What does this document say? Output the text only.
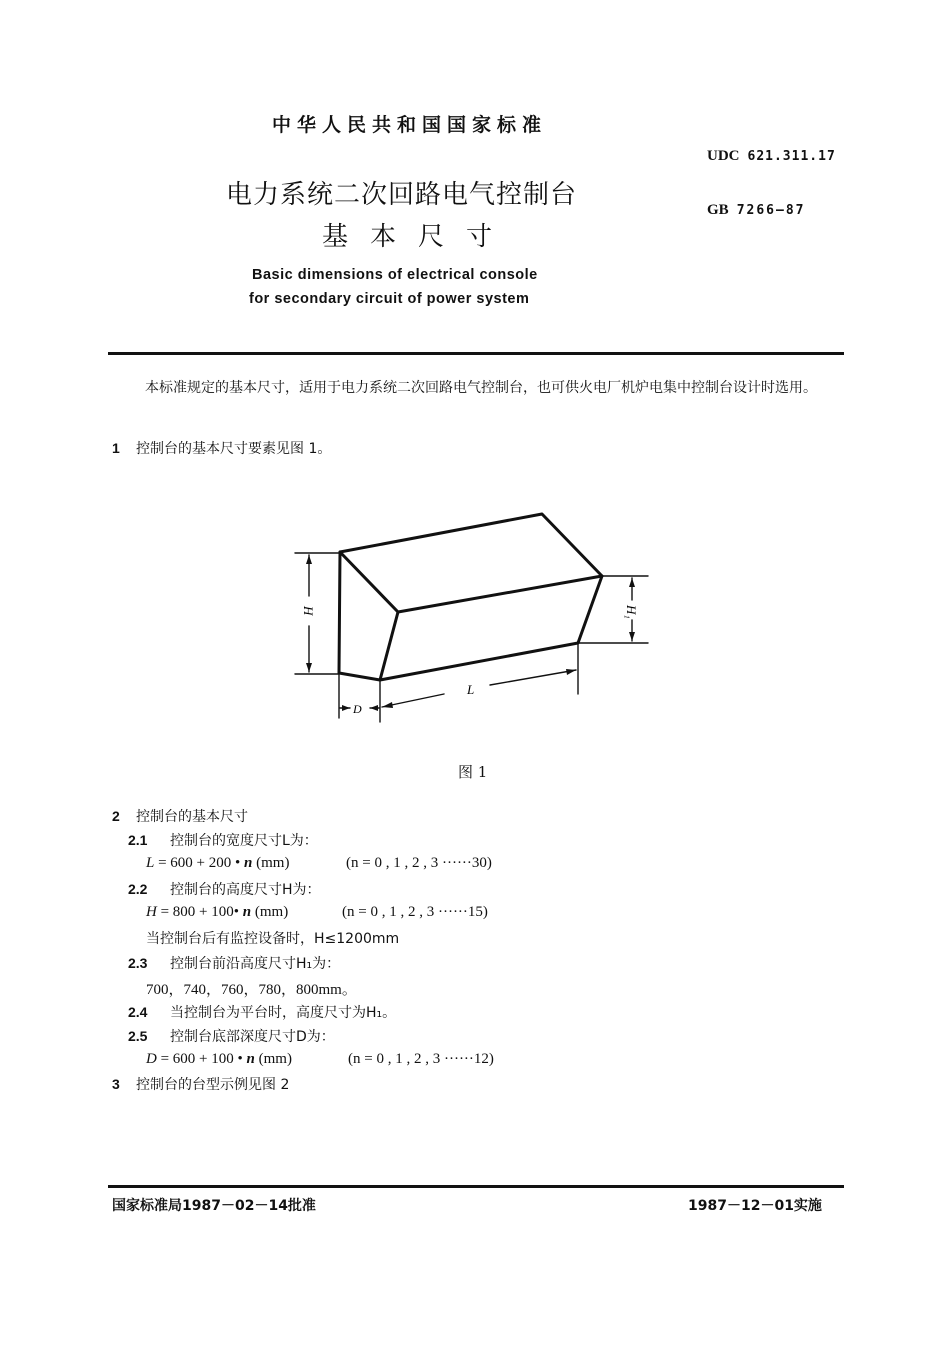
中华人民共和国国家标准
电力系统二次回路电气控制台
基本尺寸
Basic dimensions of electrical console
for secondary circuit of power system
UDC 621.311.17
GB 7266—87
本标准规定的基本尺寸，适用于电力系统二次回路电气控制台，也可供火电厂机炉电集中控制台设计时选用。
1 控制台的基本尺寸要素见图 1。
H	H₁
L
D
图 1
2 控制台的基本尺寸
2.1 控制台的宽度尺寸L为：
L = 600 + 200 • n (mm)	(n = 0 , 1 , 2 , 3 ······30)
2.2 控制台的高度尺寸H为：
H = 800 + 100• n (mm)	(n = 0 , 1 , 2 , 3 ······15)
当控制台后有监控设备时，H≤1200mm
2.3 控制台前沿高度尺寸H₁为：
700，740，760，780，800mm。
2.4 当控制台为平台时，高度尺寸为H₁。
2.5 控制台底部深度尺寸D为：
D = 600 + 100 • n (mm)	(n = 0 , 1 , 2 , 3 ······12)
3 控制台的台型示例见图 2
国家标准局1987－02－14批准	1987－12－01实施
